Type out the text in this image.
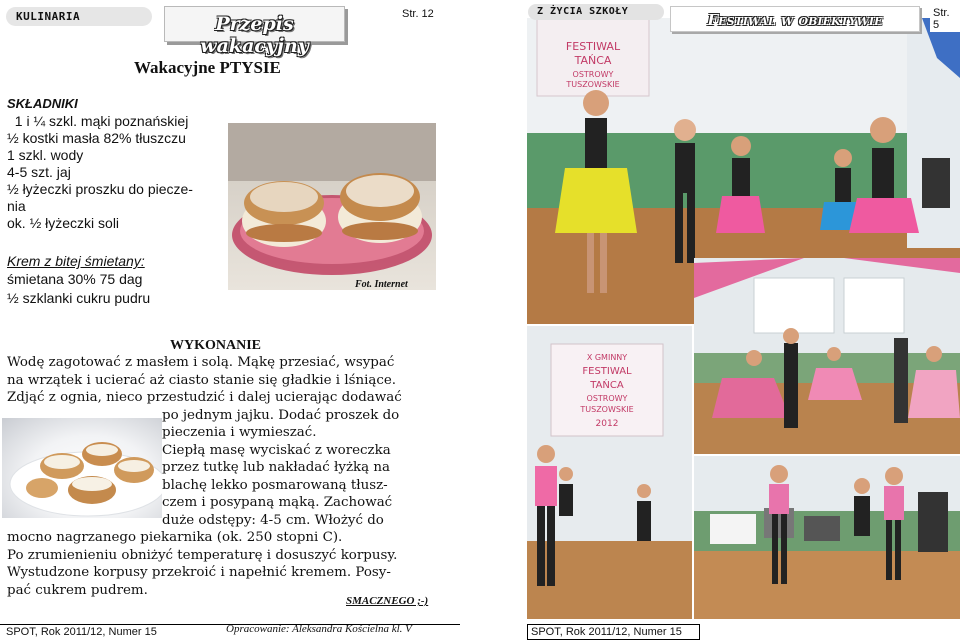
KULINARIA	Przepis wakacyjny
Str. 12
Wakacyjne PTYSIE
SKŁADNIKI
1 i ¼ szkl. mąki poznańskiej
½ kostki masła 82% tłuszczu
1 szkl. wody
4-5 szt. jaj
½ łyżeczki proszku do piecze-
nia
ok. ½ łyżeczki soli
Krem z bitej śmietany:
śmietana 30% 75 dag
½ szklanki cukru pudru
Fot. Internet
WYKONANIE
Wodę zagotować z masłem i solą. Mąkę przesiać, wsypać
na wrzątek i ucierać aż ciasto stanie się gładkie i lśniące.
Zdjąć z ognia, nieco przestudzić i dalej ucierając dodawać
po jednym jajku. Dodać proszek do
pieczenia i wymieszać.
Ciepłą masę wyciskać z woreczka
przez tutkę lub nakładać łyżką na
blachę lekko posmarowaną tłusz-
czem i posypaną mąką. Zachować
duże odstępy: 4-5 cm. Włożyć do
mocno nagrzanego piekarnika (ok. 250 stopni C).
Po zrumienieniu obniżyć temperaturę i dosuszyć korpusy.
Wystudzone korpusy przekroić i napełnić kremem. Posy-
pać cukrem pudrem.
SMACZNEGO ;-)
SPOT, Rok 2011/12, Numer 15	Opracowanie: Aleksandra Kościelna kl. V
FESTIWAL
TAŃCA
OSTROWY
TUSZOWSKIE
X GMINNY
FESTIWAL
TAŃCA
OSTROWY
TUSZOWSKIE
2012
Z ŻYCIA SZKOŁY	Festiwal w obiektywie	Str. 5
SPOT, Rok 2011/12, Numer 15
